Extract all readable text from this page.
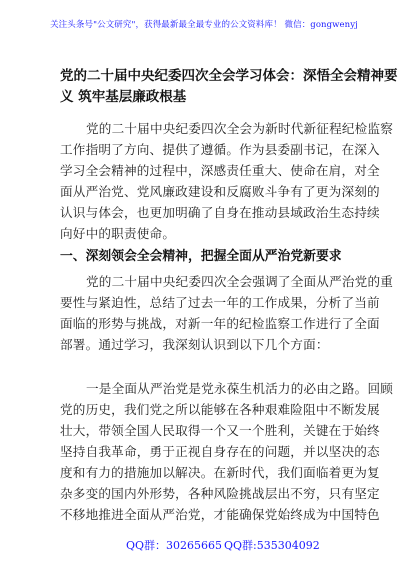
关注头条号"公文研究"，获得最新最全最专业的公文资料库！ 微信：gongwenyj
党的二十届中央纪委四次全会学习体会：深悟全会精神要
义 筑牢基层廉政根基
党的二十届中央纪委四次全会为新时代新征程纪检监察
工作指明了方向、提供了遵循。作为县委副书记，在深入
学习全会精神的过程中，深感责任重大、使命在肩，对全
面从严治党、党风廉政建设和反腐败斗争有了更为深刻的
认识与体会，也更加明确了自身在推动县域政治生态持续
向好中的职责使命。
一、深刻领会全会精神，把握全面从严治党新要求
党的二十届中央纪委四次全会强调了全面从严治党的重
要性与紧迫性，总结了过去一年的工作成果，分析了当前
面临的形势与挑战，对新一年的纪检监察工作进行了全面
部署。通过学习，我深刻认识到以下几个方面：
一是全面从严治党是党永葆生机活力的必由之路。回顾
党的历史，我们党之所以能够在各种艰难险阻中不断发展
壮大，带领全国人民取得一个又一个胜利，关键在于始终
坚持自我革命，勇于正视自身存在的问题，并以坚决的态
度和有力的措施加以解决。在新时代，我们面临着更为复
杂多变的国内外形势，各种风险挑战层出不穷，只有坚定
不移地推进全面从严治党，才能确保党始终成为中国特色
QQ群：30265665 QQ群:535304092
